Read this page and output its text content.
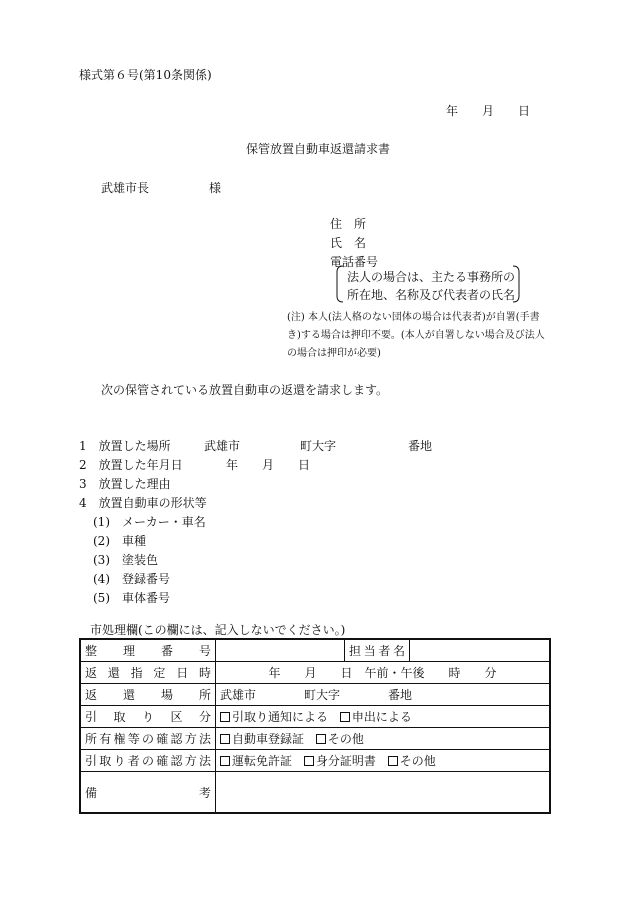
様式第６号(第10条関係)
年　　月　　日
保管放置自動車返還請求書
武雄市長　　　　　様
住　所
氏　名
電話番号
法人の場合は、主たる事務所の
所在地、名称及び代表者の氏名
(注) 本人(法人格のない団体の場合は代表者)が自署(手書
き)する場合は押印不要。(本人が自署しない場合及び法人
の場合は押印が必要)
次の保管されている放置自動車の返還を請求します。
1　放置した場所	武雄市　　　　　町大字　　　　　　番地
2　放置した年月日	年　　月　　日
3　放置した理由
4　放置自動車の形状等
(1)　メーカー・車名
(2)　車種
(3)　塗装色
(4)　登録番号
(5)　車体番号
市処理欄(この欄には、記入しないでください。)
整理番号		担当者名	
返還指定日時	年　　月　　日　午前・午後　　時　　分		
返還場所	武雄市　　　　町大字　　　　番地		
引取り区分	引取り通知による 申出による		
所有権等の確認方法	自動車登録証 その他		
引取り者の確認方法	運転免許証 身分証明書 その他		
備考			
